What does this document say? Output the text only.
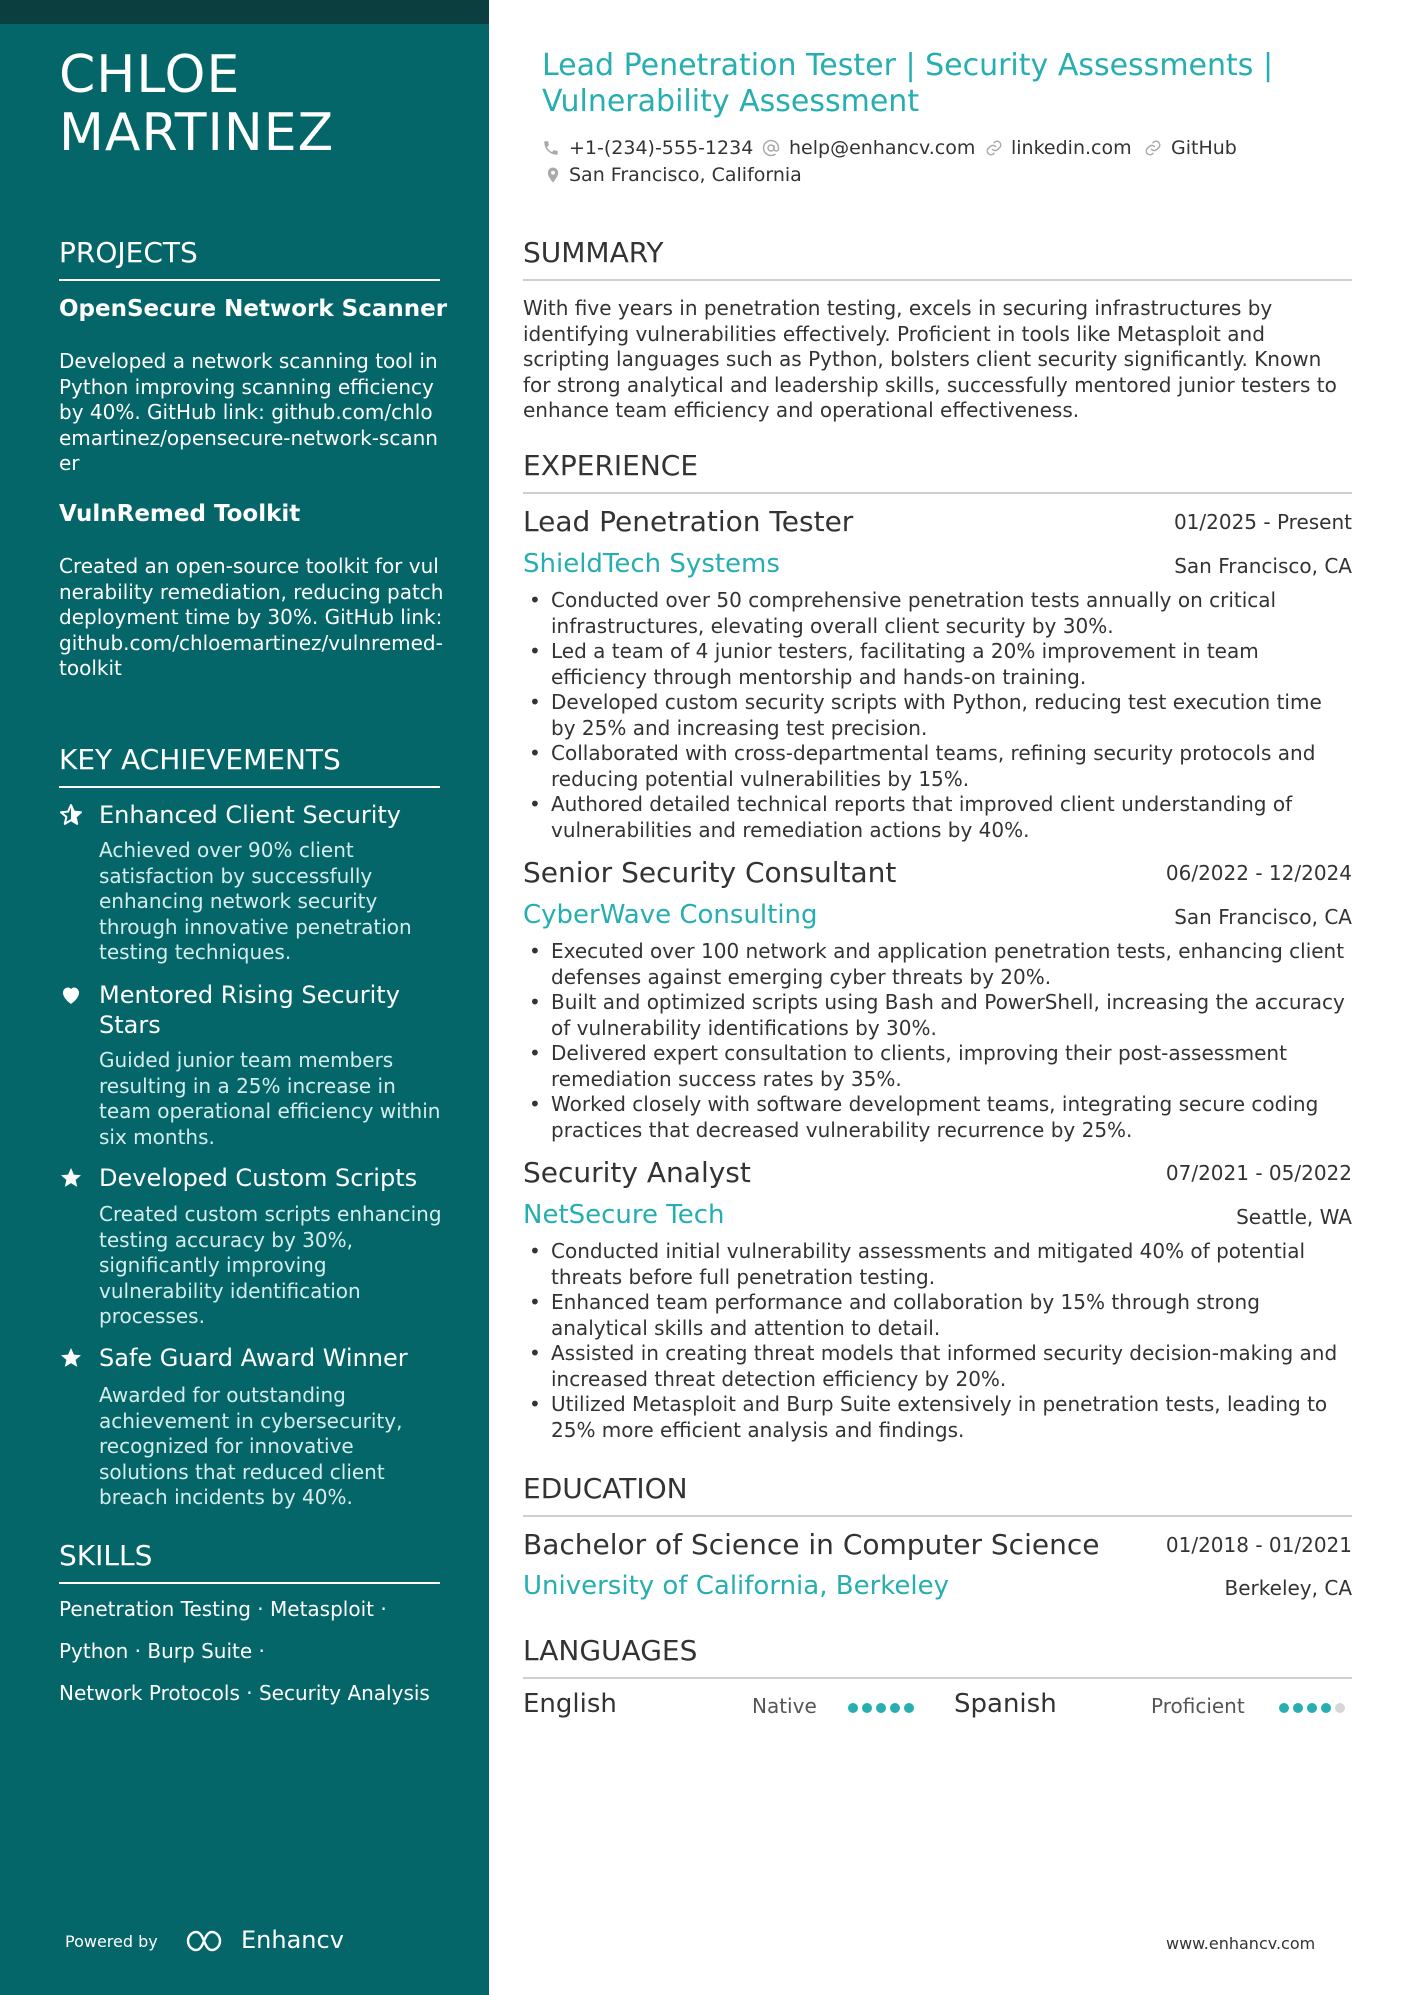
CHLOE
MARTINEZ
PROJECTS
OpenSecure Network Scanner
Developed a network scanning tool in Python improving scanning efficiency by 40%. GitHub link: github.com/chloemartinez/opensecure-network-scanner
VulnRemed Toolkit
Created an open-source toolkit for vulnerability remediation, reducing patch deployment time by 30%. GitHub link: github.com/chloemartinez/vulnremed-toolkit
KEY ACHIEVEMENTS
Enhanced Client Security
Achieved over 90% client satisfaction by successfully enhancing network security through innovative penetration testing techniques.
Mentored Rising Security Stars
Guided junior team members resulting in a 25% increase in team operational efficiency within six months.
Developed Custom Scripts
Created custom scripts enhancing testing accuracy by 30%, significantly improving vulnerability identification processes.
Safe Guard Award Winner
Awarded for outstanding achievement in cybersecurity, recognized for innovative solutions that reduced client breach incidents by 40%.
SKILLS
Penetration Testing · Metasploit ·
Python · Burp Suite ·
Network Protocols · Security Analysis
Powered by	Enhancv
Lead Penetration Tester | Security Assessments | Vulnerability Assessment
+1-(234)-555-1234 help@enhancv.com linkedin.com GitHub
San Francisco, California
SUMMARY
With five years in penetration testing, excels in securing infrastructures by identifying vulnerabilities effectively. Proficient in tools like Metasploit and scripting languages such as Python, bolsters client security significantly. Known for strong analytical and leadership skills, successfully mentored junior testers to enhance team efficiency and operational effectiveness.
EXPERIENCE
Lead Penetration Tester	01/2025 - Present
ShieldTech Systems	San Francisco, CA
• Conducted over 50 comprehensive penetration tests annually on critical infrastructures, elevating overall client security by 30%.
• Led a team of 4 junior testers, facilitating a 20% improvement in team efficiency through mentorship and hands-on training.
• Developed custom security scripts with Python, reducing test execution time by 25% and increasing test precision.
• Collaborated with cross-departmental teams, refining security protocols and reducing potential vulnerabilities by 15%.
• Authored detailed technical reports that improved client understanding of vulnerabilities and remediation actions by 40%.
Senior Security Consultant	06/2022 - 12/2024
CyberWave Consulting	San Francisco, CA
• Executed over 100 network and application penetration tests, enhancing client defenses against emerging cyber threats by 20%.
• Built and optimized scripts using Bash and PowerShell, increasing the accuracy of vulnerability identifications by 30%.
• Delivered expert consultation to clients, improving their post-assessment remediation success rates by 35%.
• Worked closely with software development teams, integrating secure coding practices that decreased vulnerability recurrence by 25%.
Security Analyst	07/2021 - 05/2022
NetSecure Tech	Seattle, WA
• Conducted initial vulnerability assessments and mitigated 40% of potential threats before full penetration testing.
• Enhanced team performance and collaboration by 15% through strong analytical skills and attention to detail.
• Assisted in creating threat models that informed security decision-making and increased threat detection efficiency by 20%.
• Utilized Metasploit and Burp Suite extensively in penetration tests, leading to 25% more efficient analysis and findings.
EDUCATION
Bachelor of Science in Computer Science	01/2018 - 01/2021
University of California, Berkeley	Berkeley, CA
LANGUAGES
English	Native	Spanish	Proficient
www.enhancv.com
